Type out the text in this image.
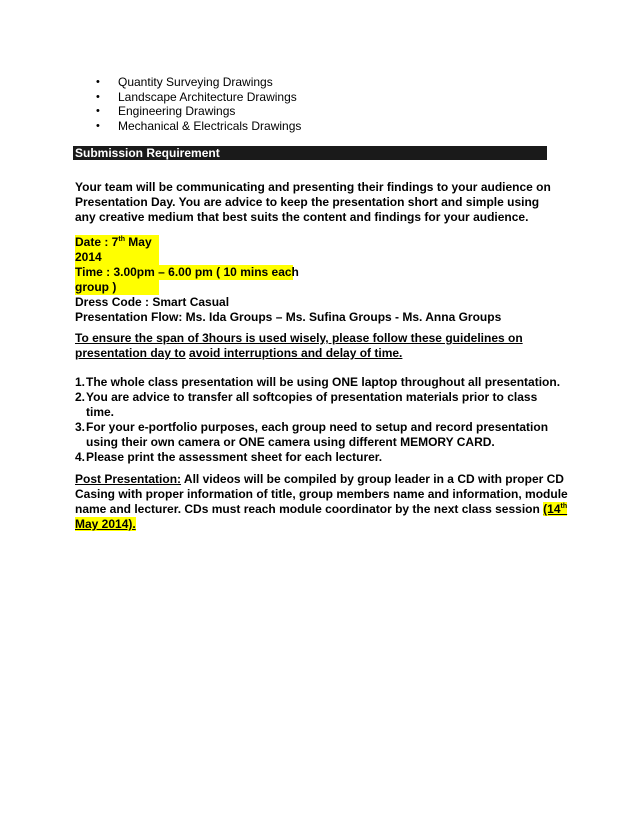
• Quantity Surveying Drawings
• Landscape Architecture Drawings
• Engineering Drawings
• Mechanical & Electricals Drawings
Submission Requirement
Your team will be communicating and presenting their findings to your audience on
Presentation Day. You are advice to keep the presentation short and simple using
any creative medium that best suits the content and findings for your audience.
Date : 7th May
2014
Time : 3.00pm – 6.00 pm ( 10 mins each
group )
Dress Code : Smart Casual
Presentation Flow: Ms. Ida Groups – Ms. Sufina Groups - Ms. Anna Groups
To ensure the span of 3hours is used wisely, please follow these guidelines on
presentation day to avoid interruptions and delay of time.
1.The whole class presentation will be using ONE laptop throughout all presentation.
2.You are advice to transfer all softcopies of presentation materials prior to class
time.
3.For your e-portfolio purposes, each group need to setup and record presentation
using their own camera or ONE camera using different MEMORY CARD.
4.Please print the assessment sheet for each lecturer.
Post Presentation: All videos will be compiled by group leader in a CD with proper CD
Casing with proper information of title, group members name and information, module
name and lecturer. CDs must reach module coordinator by the next class session (14th
May 2014).
